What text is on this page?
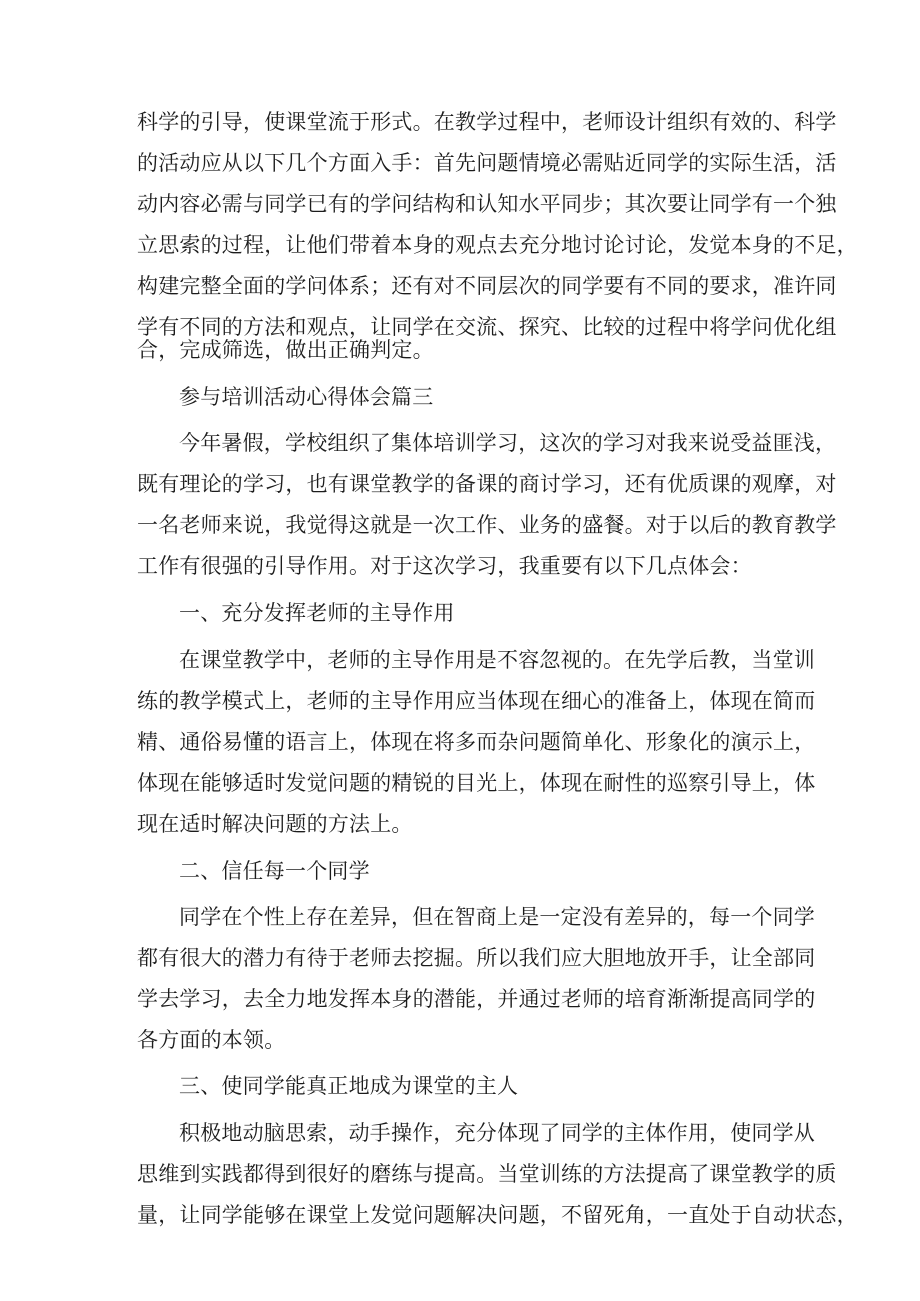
科学的引导，使课堂流于形式。在教学过程中，老师设计组织有效的、科学
的活动应从以下几个方面入手：首先问题情境必需贴近同学的实际生活，活
动内容必需与同学已有的学问结构和认知水平同步；其次要让同学有一个独
立思索的过程，让他们带着本身的观点去充分地讨论讨论，发觉本身的不足，
构建完整全面的学问体系；还有对不同层次的同学要有不同的要求，准许同
学有不同的方法和观点，让同学在交流、探究、比较的过程中将学问优化组
合，完成筛选，做出正确判定。
参与培训活动心得体会篇三
今年暑假，学校组织了集体培训学习，这次的学习对我来说受益匪浅，
既有理论的学习，也有课堂教学的备课的商讨学习，还有优质课的观摩，对
一名老师来说，我觉得这就是一次工作、业务的盛餐。对于以后的教育教学
工作有很强的引导作用。对于这次学习，我重要有以下几点体会：
一、充分发挥老师的主导作用
在课堂教学中，老师的主导作用是不容忽视的。在先学后教，当堂训
练的教学模式上，老师的主导作用应当体现在细心的准备上，体现在简而
精、通俗易懂的语言上，体现在将多而杂问题简单化、形象化的演示上，
体现在能够适时发觉问题的精锐的目光上，体现在耐性的巡察引导上，体
现在适时解决问题的方法上。
二、信任每一个同学
同学在个性上存在差异，但在智商上是一定没有差异的，每一个同学
都有很大的潜力有待于老师去挖掘。所以我们应大胆地放开手，让全部同
学去学习，去全力地发挥本身的潜能，并通过老师的培育渐渐提高同学的
各方面的本领。
三、使同学能真正地成为课堂的主人
积极地动脑思索，动手操作，充分体现了同学的主体作用，使同学从
思维到实践都得到很好的磨练与提高。当堂训练的方法提高了课堂教学的质
量，让同学能够在课堂上发觉问题解决问题，不留死角，一直处于自动状态，
